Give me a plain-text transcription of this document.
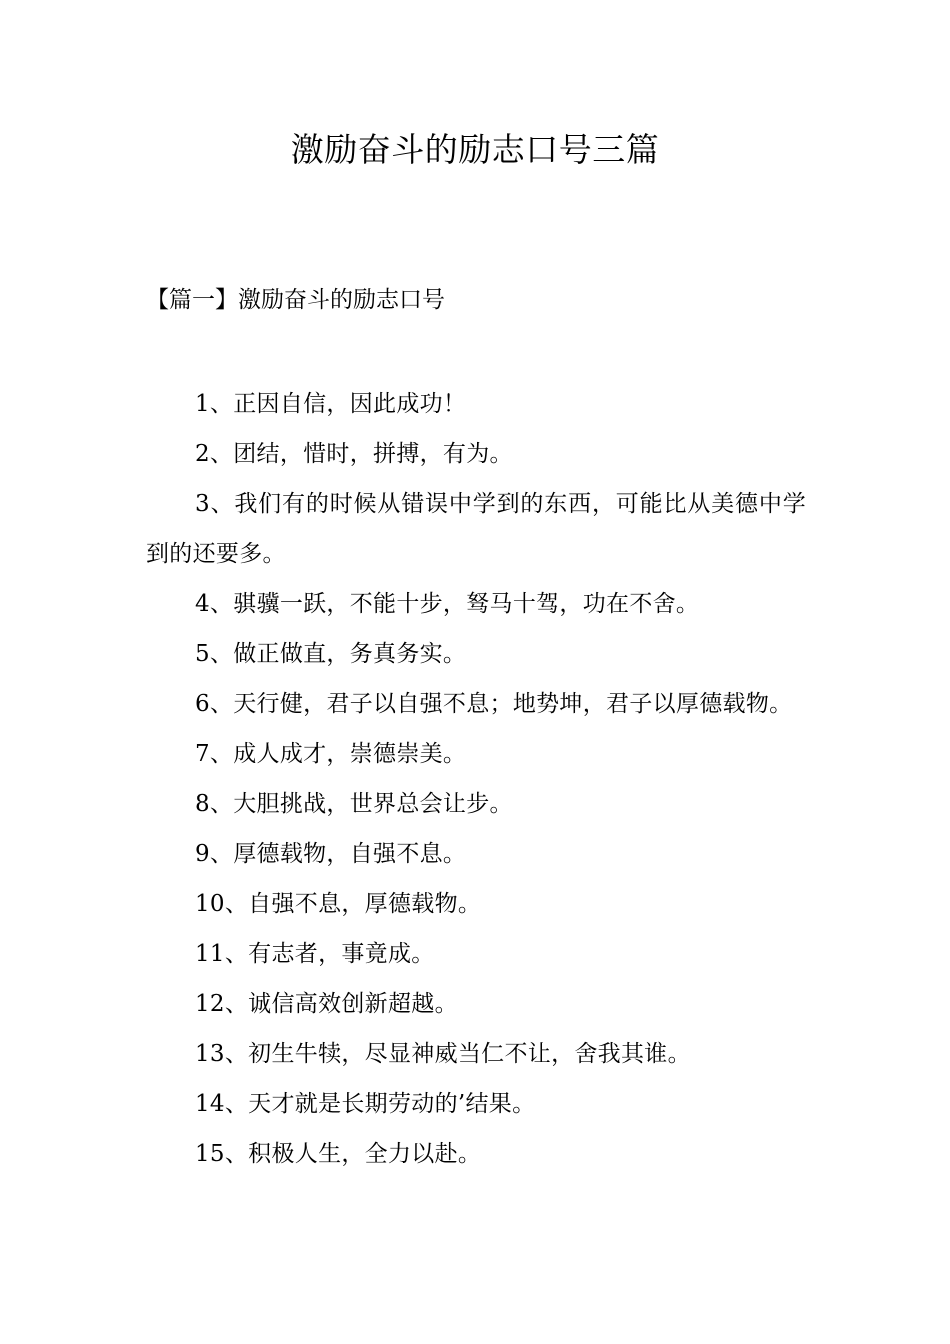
激励奋斗的励志口号三篇
【篇一】激励奋斗的励志口号
1、正因自信，因此成功！
2、团结，惜时，拼搏，有为。
3、我们有的时候从错误中学到的东西，可能比从美德中学到的还要多。
4、骐骥一跃，不能十步，驽马十驾，功在不舍。
5、做正做直，务真务实。
6、天行健，君子以自强不息；地势坤，君子以厚德载物。
7、成人成才，崇德崇美。
8、大胆挑战，世界总会让步。
9、厚德载物，自强不息。
10、自强不息，厚德载物。
11、有志者，事竟成。
12、诚信高效创新超越。
13、初生牛犊，尽显神威当仁不让，舍我其谁。
14、天才就是长期劳动的’结果。
15、积极人生，全力以赴。
